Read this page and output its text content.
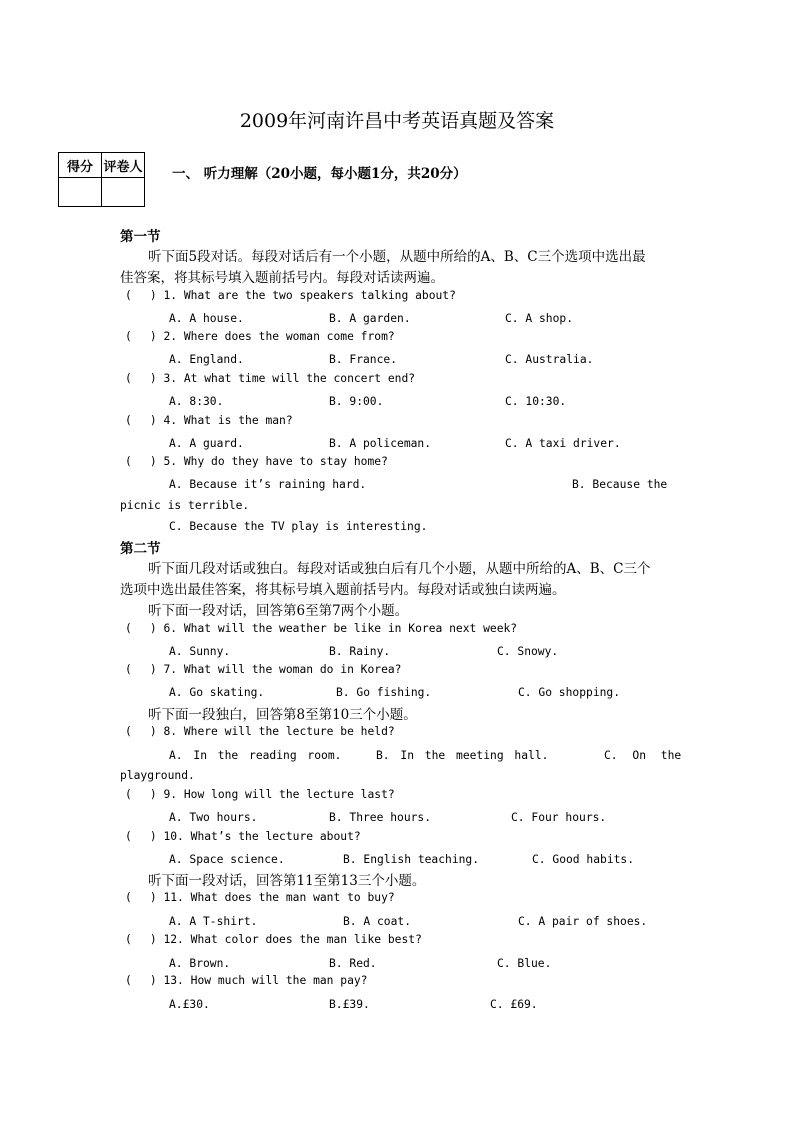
2009年河南许昌中考英语真题及答案
得分	评卷人
	一、 听力理解（20小题，每小题1分，共20分）
第一节
听下面5段对话。每段对话后有一个小题，从题中所给的A、B、C三个选项中选出最
佳答案，将其标号填入题前括号内。每段对话读两遍。
( ) 1. What are the two speakers talking about?
A. A house.	B. A garden.	C. A shop.
( ) 2. Where does the woman come from?
A. England.	B. France.	C. Australia.
( ) 3. At what time will the concert end?
A. 8:30.	B. 9:00.	C. 10:30.
( ) 4. What is the man?
A. A guard.	B. A policeman.	C. A taxi driver.
( ) 5. Why do they have to stay home?
A. Because it’s raining hard.	B. Because the
picnic is terrible.
C. Because the TV play is interesting.
第二节
听下面几段对话或独白。每段对话或独白后有几个小题，从题中所给的A、B、C三个
选项中选出最佳答案，将其标号填入题前括号内。每段对话或独白读两遍。
听下面一段对话，回答第6至第7两个小题。
( ) 6. What will the weather be like in Korea next week?
A. Sunny.	B. Rainy.	C. Snowy.
( ) 7. What will the woman do in Korea?
A. Go skating.	B. Go fishing.	C. Go shopping.
听下面一段独白，回答第8至第10三个小题。
( ) 8. Where will the lecture be held?
A. In the reading room.	B. In the meeting hall.	C. On the
playground.
( ) 9. How long will the lecture last?
A. Two hours.	B. Three hours.	C. Four hours.
( ) 10. What’s the lecture about?
A. Space science.	B. English teaching.	C. Good habits.
听下面一段对话，回答第11至第13三个小题。
( ) 11. What does the man want to buy?
A. A T-shirt.	B. A coat.	C. A pair of shoes.
( ) 12. What color does the man like best?
A. Brown.	B. Red.	C. Blue.
( ) 13. How much will the man pay?
A.£30.	B.£39.	C. £69.
